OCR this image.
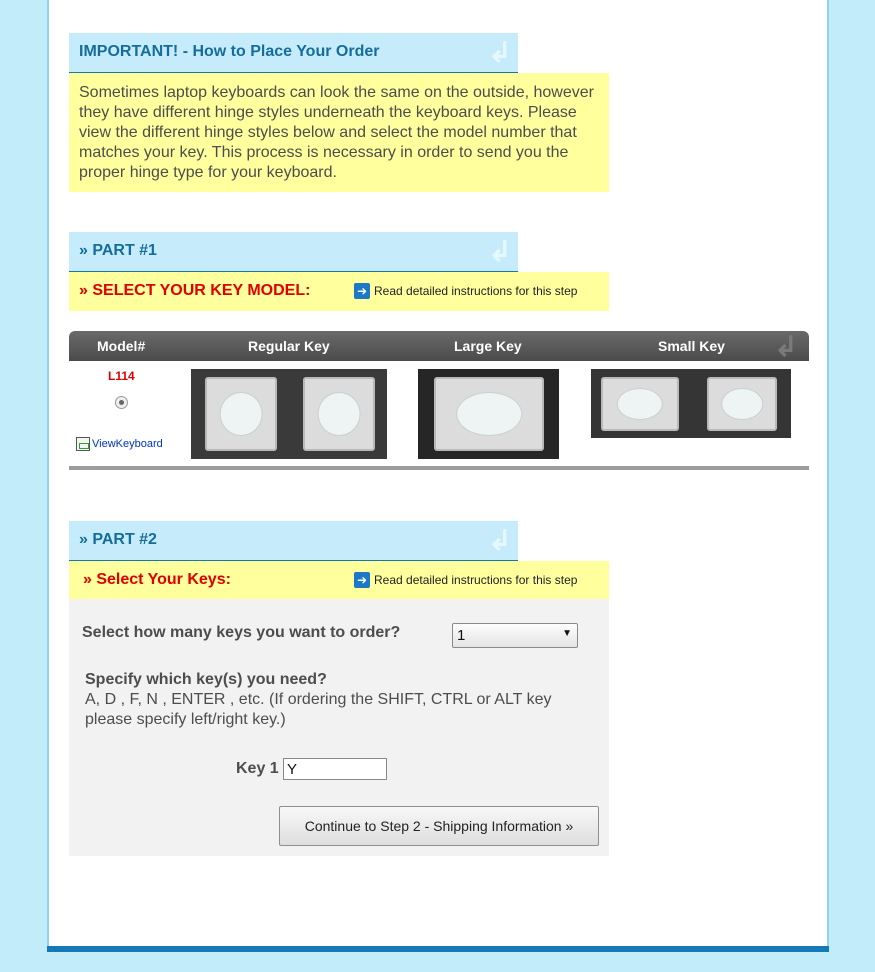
IMPORTANT! - How to Place Your Order	↲
Sometimes laptop keyboards can look the same on the outside, however they have different hinge styles underneath the keyboard keys. Please view the different hinge styles below and select the model number that matches your key. This process is necessary in order to send you the proper hinge type for your keyboard.
» PART #1	↲
» SELECT YOUR KEY MODEL:	➜ Read detailed instructions for this step
Model#	Regular Key	Large Key	Small Key ↲
L114
ViewKeyboard
» PART #2	↲
» Select Your Keys:	➜ Read detailed instructions for this step
Select how many keys you want to order?	1	▼
Specify which key(s) you need?
A, D , F, N , ENTER , etc. (If ordering the SHIFT, CTRL or ALT key please specify left/right key.)
Key 1
Y
Continue to Step 2 - Shipping Information »
